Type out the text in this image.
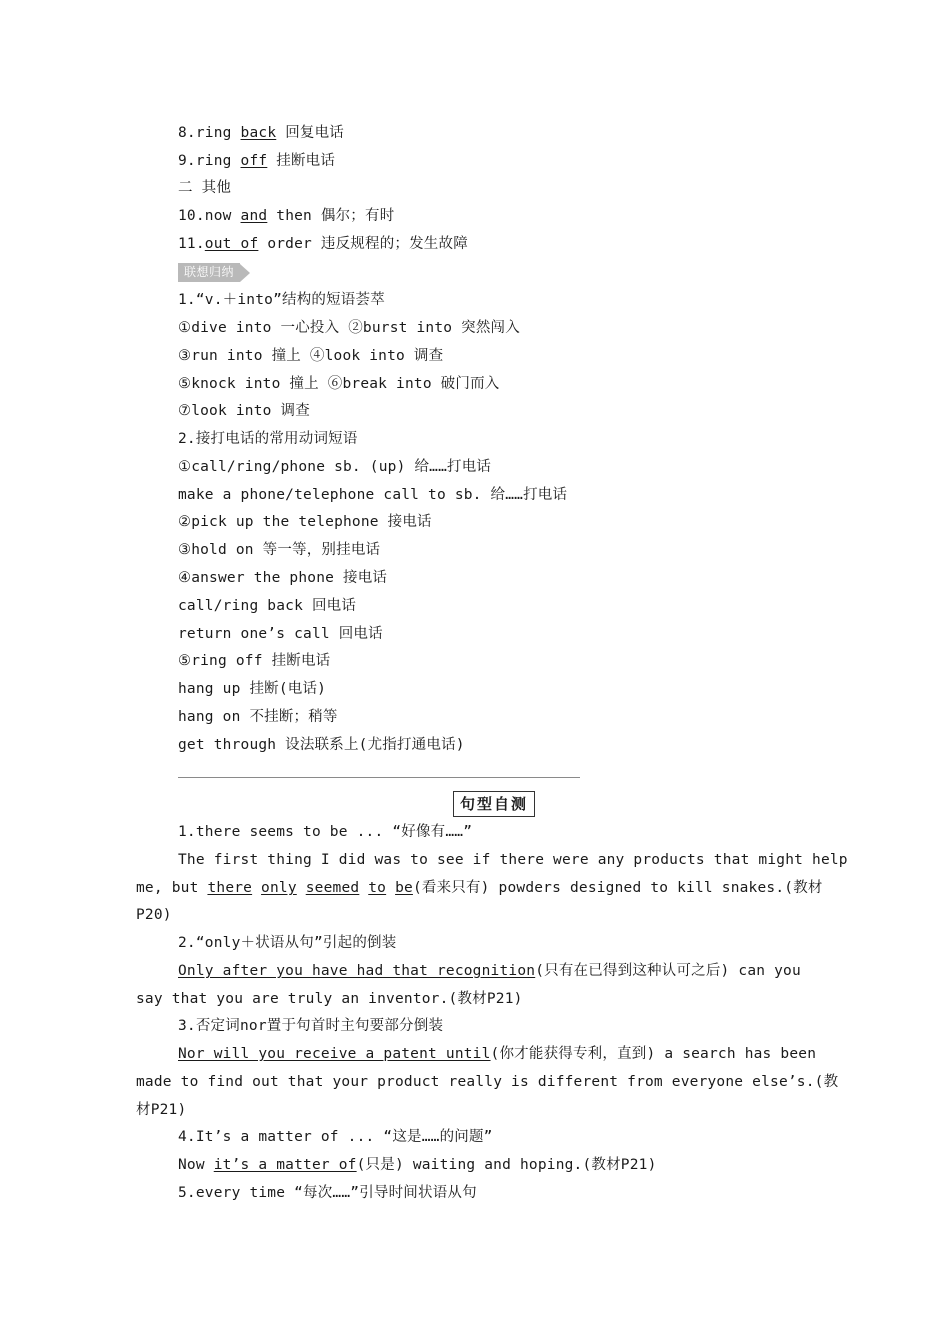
8.ring back 回复电话
9.ring off 挂断电话
二 其他
10.now and then 偶尔；有时
11.out of order 违反规程的；发生故障
联想归纳
1.“v.＋into”结构的短语荟萃
①dive into 一心投入 ②burst into 突然闯入
③run into 撞上 ④look into 调查
⑤knock into 撞上 ⑥break into 破门而入
⑦look into 调查
2.接打电话的常用动词短语
①call/ring/phone sb. (up) 给……打电话
make a phone/telephone call to sb. 给……打电话
②pick up the telephone 接电话
③hold on 等一等，别挂电话
④answer the phone 接电话
call/ring back 回电话
return one’s call 回电话
⑤ring off 挂断电话
hang up 挂断(电话)
hang on 不挂断；稍等
get through 设法联系上(尤指打通电话)
句型自测
1.there seems to be ... “好像有……”
The first thing I did was to see if there were any products that might help
me, but there only seemed to be(看来只有) powders designed to kill snakes.(教材
P20)
2.“only＋状语从句”引起的倒装
Only after you have had that recognition(只有在已得到这种认可之后) can you
say that you are truly an inventor.(教材P21)
3.否定词nor置于句首时主句要部分倒装
Nor will you receive a patent until(你才能获得专利，直到) a search has been
made to find out that your product really is different from everyone else’s.(教
材P21)
4.It’s a matter of ... “这是……的问题”
Now it’s a matter of(只是) waiting and hoping.(教材P21)
5.every time “每次……”引导时间状语从句
